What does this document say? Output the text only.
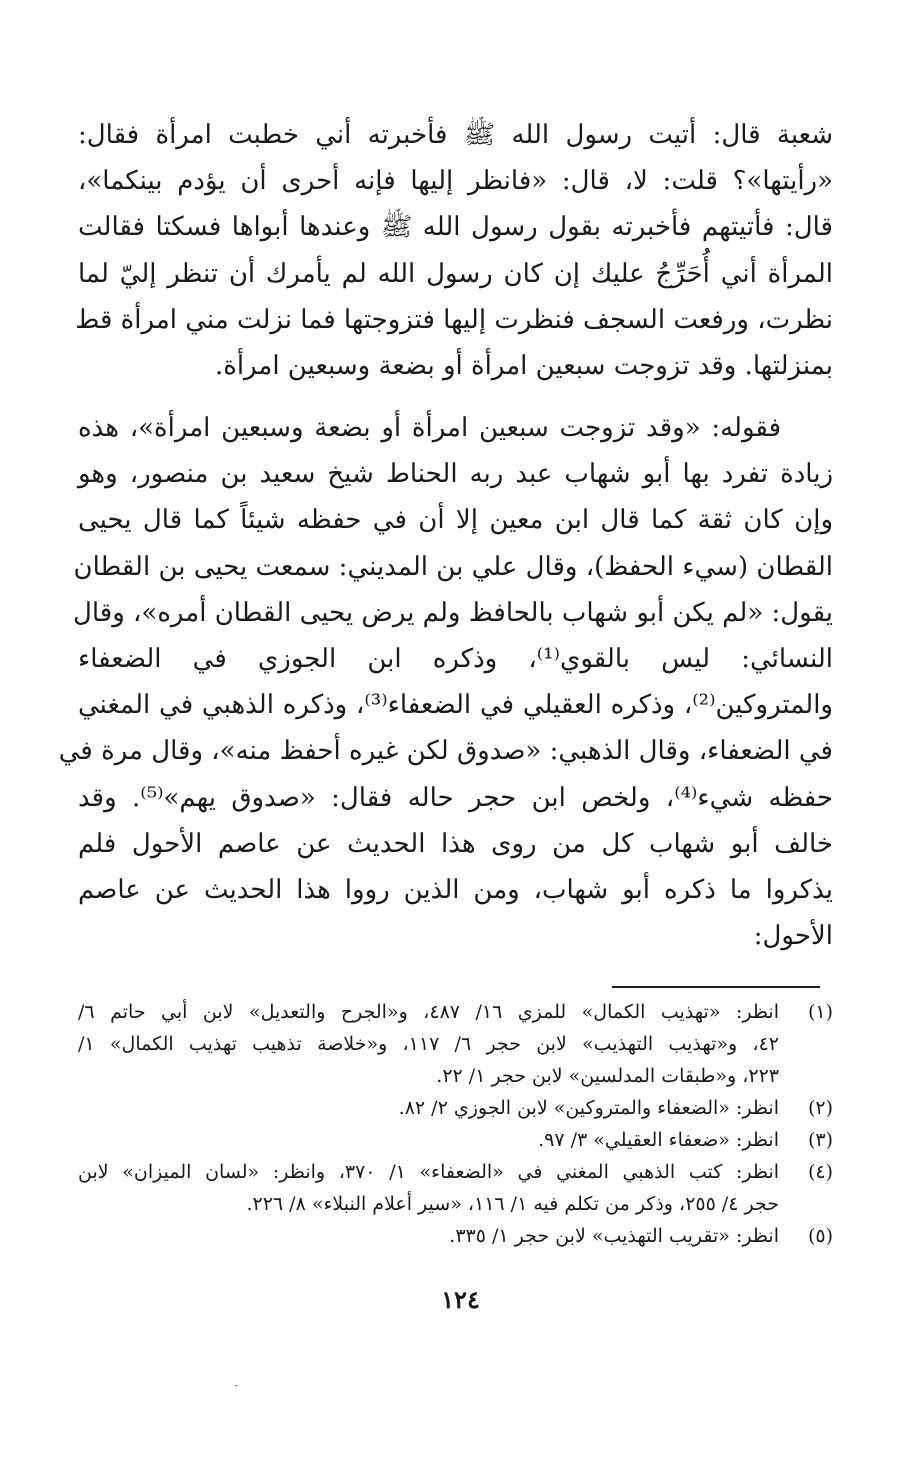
شعبة قال: أتيت رسول الله ﷺ فأخبرته أني خطبت امرأة فقال:
«رأيتها»؟ قلت: لا، قال: «فانظر إليها فإنه أحرى أن يؤدم بينكما»،
قال: فأتيتهم فأخبرته بقول رسول الله ﷺ وعندها أبواها فسكتا فقالت
المرأة أني أُحَرِّجُ عليك إن كان رسول الله لم يأمرك أن تنظر إليّ لما
نظرت، ورفعت السجف فنظرت إليها فتزوجتها فما نزلت مني امرأة قط
بمنزلتها. وقد تزوجت سبعين امرأة أو بضعة وسبعين امرأة.
فقوله: «وقد تزوجت سبعين امرأة أو بضعة وسبعين امرأة»، هذه
زيادة تفرد بها أبو شهاب عبد ربه الحناط شيخ سعيد بن منصور، وهو
وإن كان ثقة كما قال ابن معين إلا أن في حفظه شيئاً كما قال يحيى
القطان (سيء الحفظ)، وقال علي بن المديني: سمعت يحيى بن القطان
يقول: «لم يكن أبو شهاب بالحافظ ولم يرض يحيى القطان أمره»، وقال
النسائي: ليس بالقوي⁽¹⁾، وذكره ابن الجوزي في الضعفاء
والمتروكين⁽²⁾، وذكره العقيلي في الضعفاء⁽³⁾، وذكره الذهبي في المغني
في الضعفاء، وقال الذهبي: «صدوق لكن غيره أحفظ منه»، وقال مرة في
حفظه شيء⁽⁴⁾، ولخص ابن حجر حاله فقال: «صدوق يهم»⁽⁵⁾. وقد
خالف أبو شهاب كل من روى هذا الحديث عن عاصم الأحول فلم
يذكروا ما ذكره أبو شهاب، ومن الذين رووا هذا الحديث عن عاصم
الأحول:
(١)
انظر: «تهذيب الكمال» للمزي ١٦/ ٤٨٧، و«الجرح والتعديل» لابن أبي حاتم ٦/
٤٢، و«تهذيب التهذيب» لابن حجر ٦/ ١١٧، و«خلاصة تذهيب تهذيب الكمال» ١/
٢٢٣، و«طبقات المدلسين» لابن حجر ١/ ٢٢.
(٢)
انظر: «الضعفاء والمتروكين» لابن الجوزي ٢/ ٨٢.
(٣)
انظر: «ضعفاء العقيلي» ٣/ ٩٧.
(٤)
انظر: كتب الذهبي المغني في «الضعفاء» ١/ ٣٧٠، وانظر: «لسان الميزان» لابن
حجر ٤/ ٢٥٥، وذكر من تكلم فيه ١/ ١١٦، «سير أعلام النبلاء» ٨/ ٢٢٦.
(٥)
انظر: «تقريب التهذيب» لابن حجر ١/ ٣٣٥.
١٢٤
